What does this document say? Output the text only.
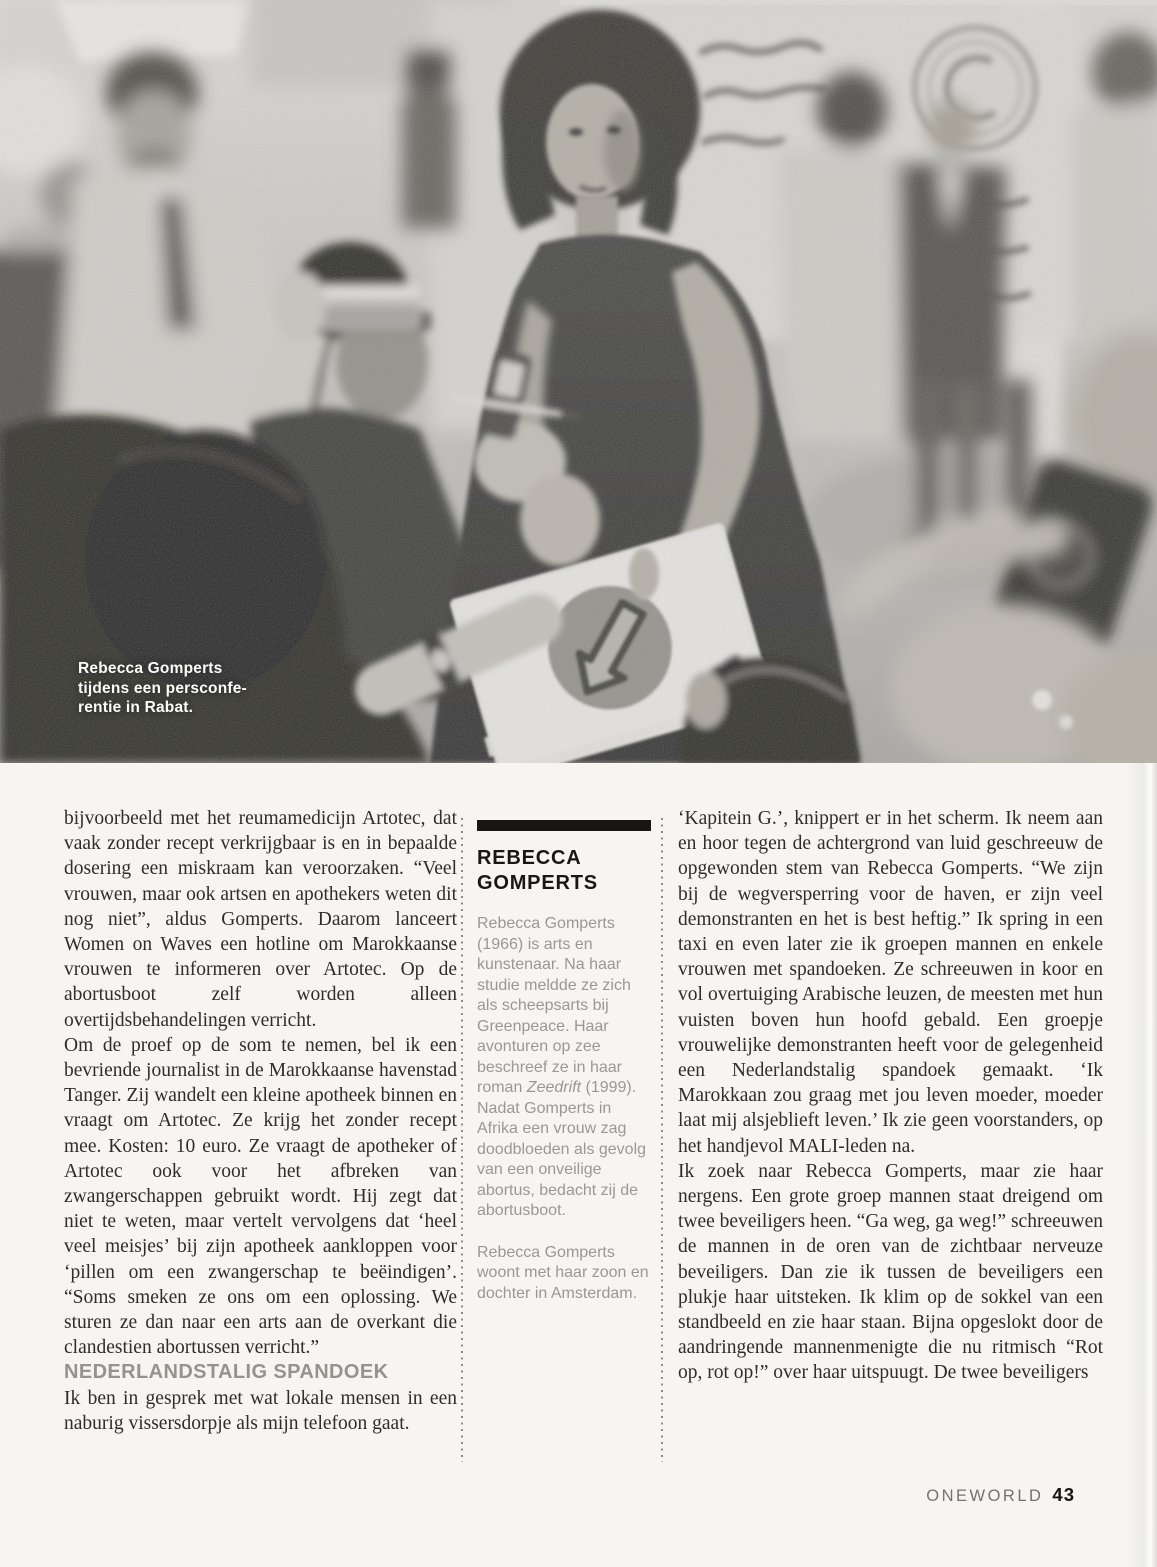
Rebecca Gomperts
tijdens een persconfe-
rentie in Rabat.

bijvoorbeeld met het reumamedicijn Artotec, dat vaak zonder recept verkrijgbaar is en in bepaalde dosering een miskraam kan veroorzaken. “Veel vrouwen, maar ook artsen en apothekers weten dit nog niet”, aldus Gomperts. Daarom lanceert Women on Waves een hotline om Marokkaanse vrouwen te informeren over Artotec. Op de abortusboot zelf worden alleen overtijdsbehandelingen verricht.

Om de proef op de som te nemen, bel ik een bevriende journalist in de Marokkaanse havenstad Tanger. Zij wandelt een kleine apotheek binnen en vraagt om Artotec. Ze krijg het zonder recept mee. Kosten: 10 euro. Ze vraagt de apotheker of Artotec ook voor het afbreken van zwangerschappen gebruikt wordt. Hij zegt dat niet te weten, maar vertelt vervolgens dat ‘heel veel meisjes’ bij zijn apotheek aankloppen voor ‘pillen om een zwangerschap te beëindigen’. “Soms smeken ze ons om een oplossing. We sturen ze dan naar een arts aan de overkant die clandestien abortussen verricht.”

NEDERLANDSTALIG SPANDOEK

Ik ben in gesprek met wat lokale mensen in een naburig vissersdorpje als mijn telefoon gaat.

REBECCA GOMPERTS

Rebecca Gomperts (1966) is arts en kunstenaar. Na haar studie meldde ze zich als scheepsarts bij Greenpeace. Haar avonturen op zee beschreef ze in haar roman Zeedrift (1999).

Nadat Gomperts in Afrika een vrouw zag doodbloeden als gevolg van een onveilige abortus, bedacht zij de abortusboot.

Rebecca Gomperts woont met haar zoon en dochter in Amsterdam.

‘Kapitein G.’, knippert er in het scherm. Ik neem aan en hoor tegen de achtergrond van luid geschreeuw de opgewonden stem van Rebecca Gomperts. “We zijn bij de wegversperring voor de haven, er zijn veel demonstranten en het is best heftig.” Ik spring in een taxi en even later zie ik groepen mannen en enkele vrouwen met spandoeken. Ze schreeuwen in koor en vol overtuiging Arabische leuzen, de meesten met hun vuisten boven hun hoofd gebald. Een groepje vrouwelijke demonstranten heeft voor de gelegenheid een Nederlandstalig spandoek gemaakt. ‘Ik Marokkaan zou graag met jou leven moeder, moeder laat mij alsjeblieft leven.’ Ik zie geen voorstanders, op het handjevol MALI-leden na.

Ik zoek naar Rebecca Gomperts, maar zie haar nergens. Een grote groep mannen staat dreigend om twee beveiligers heen. “Ga weg, ga weg!” schreeuwen de mannen in de oren van de zichtbaar nerveuze beveiligers. Dan zie ik tussen de beveiligers een plukje haar uitsteken. Ik klim op de sokkel van een standbeeld en zie haar staan. Bijna opgeslokt door de aandringende mannenmenigte die nu ritmisch “Rot op, rot op!” over haar uitspuugt. De twee beveiligers

ONEWORLD 43
